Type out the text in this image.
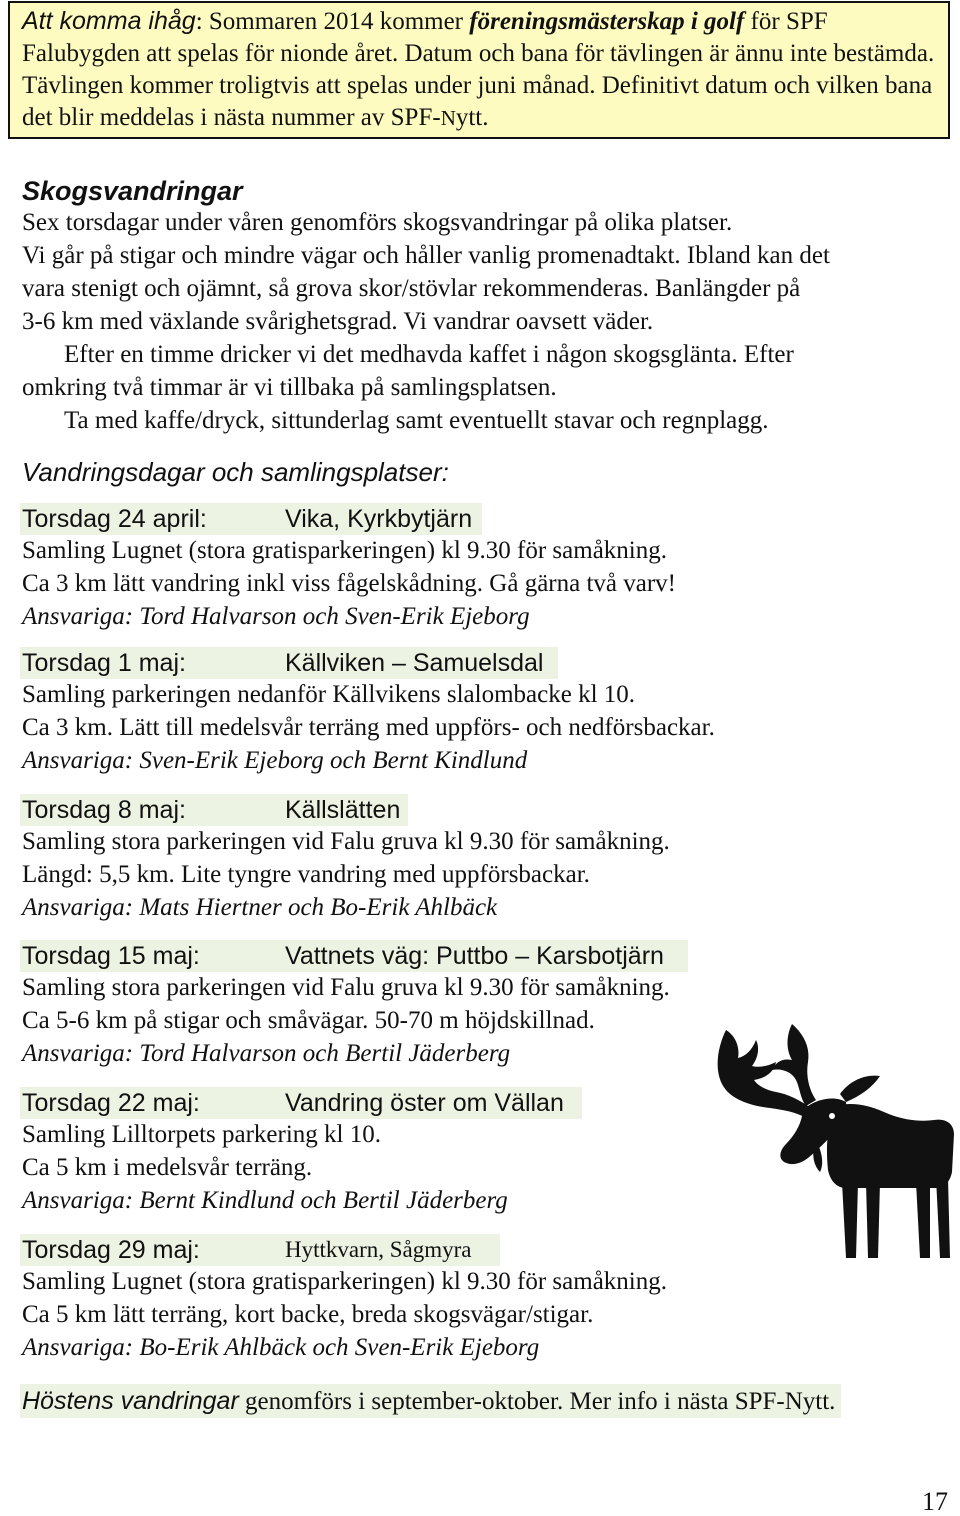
Att komma ihåg: Sommaren 2014 kommer föreningsmästerskap i golf för SPF Falubygden att spelas för nionde året. Datum och bana för tävlingen är ännu inte bestämda. Tävlingen kommer troligtvis att spelas under juni månad. Definitivt datum och vilken bana det blir meddelas i nästa nummer av SPF-Nytt.
Skogsvandringar
Sex torsdagar under våren genomförs skogsvandringar på olika platser.
Vi går på stigar och mindre vägar och håller vanlig promenadtakt. Ibland kan det
vara stenigt och ojämnt, så grova skor/stövlar rekommenderas. Banlängder på
3-6 km med växlande svårighetsgrad. Vi vandrar oavsett väder.
Efter en timme dricker vi det medhavda kaffet i någon skogsglänta. Efter
omkring två timmar är vi tillbaka på samlingsplatsen.
Ta med kaffe/dryck, sittunderlag samt eventuellt stavar och regnplagg.
Vandringsdagar och samlingsplatser:
Torsdag 24 april:	Vika, Kyrkbytjärn
Samling Lugnet (stora gratisparkeringen) kl 9.30 för samåkning.
Ca 3 km lätt vandring inkl viss fågelskådning. Gå gärna två varv!
Ansvariga: Tord Halvarson och Sven-Erik Ejeborg
Torsdag 1 maj:	Källviken – Samuelsdal
Samling parkeringen nedanför Källvikens slalombacke kl 10.
Ca 3 km. Lätt till medelsvår terräng med uppförs- och nedförsbackar.
Ansvariga: Sven-Erik Ejeborg och Bernt Kindlund
Torsdag 8 maj:	Källslätten
Samling stora parkeringen vid Falu gruva kl 9.30 för samåkning.
Längd: 5,5 km. Lite tyngre vandring med uppförsbackar.
Ansvariga: Mats Hiertner och Bo-Erik Ahlbäck
Torsdag 15 maj:	Vattnets väg: Puttbo – Karsbotjärn
Samling stora parkeringen vid Falu gruva kl 9.30 för samåkning.
Ca 5-6 km på stigar och småvägar. 50-70 m höjdskillnad.
Ansvariga: Tord Halvarson och Bertil Jäderberg
Torsdag 22 maj:	Vandring öster om Vällan
Samling Lilltorpets parkering kl 10.
Ca 5 km i medelsvår terräng.
Ansvariga: Bernt Kindlund och Bertil Jäderberg
Torsdag 29 maj:	Hyttkvarn, Sågmyra
Samling Lugnet (stora gratisparkeringen) kl 9.30 för samåkning.
Ca 5 km lätt terräng, kort backe, breda skogsvägar/stigar.
Ansvariga: Bo-Erik Ahlbäck och Sven-Erik Ejeborg
Höstens vandringar genomförs i september-oktober. Mer info i nästa SPF-Nytt.
17
